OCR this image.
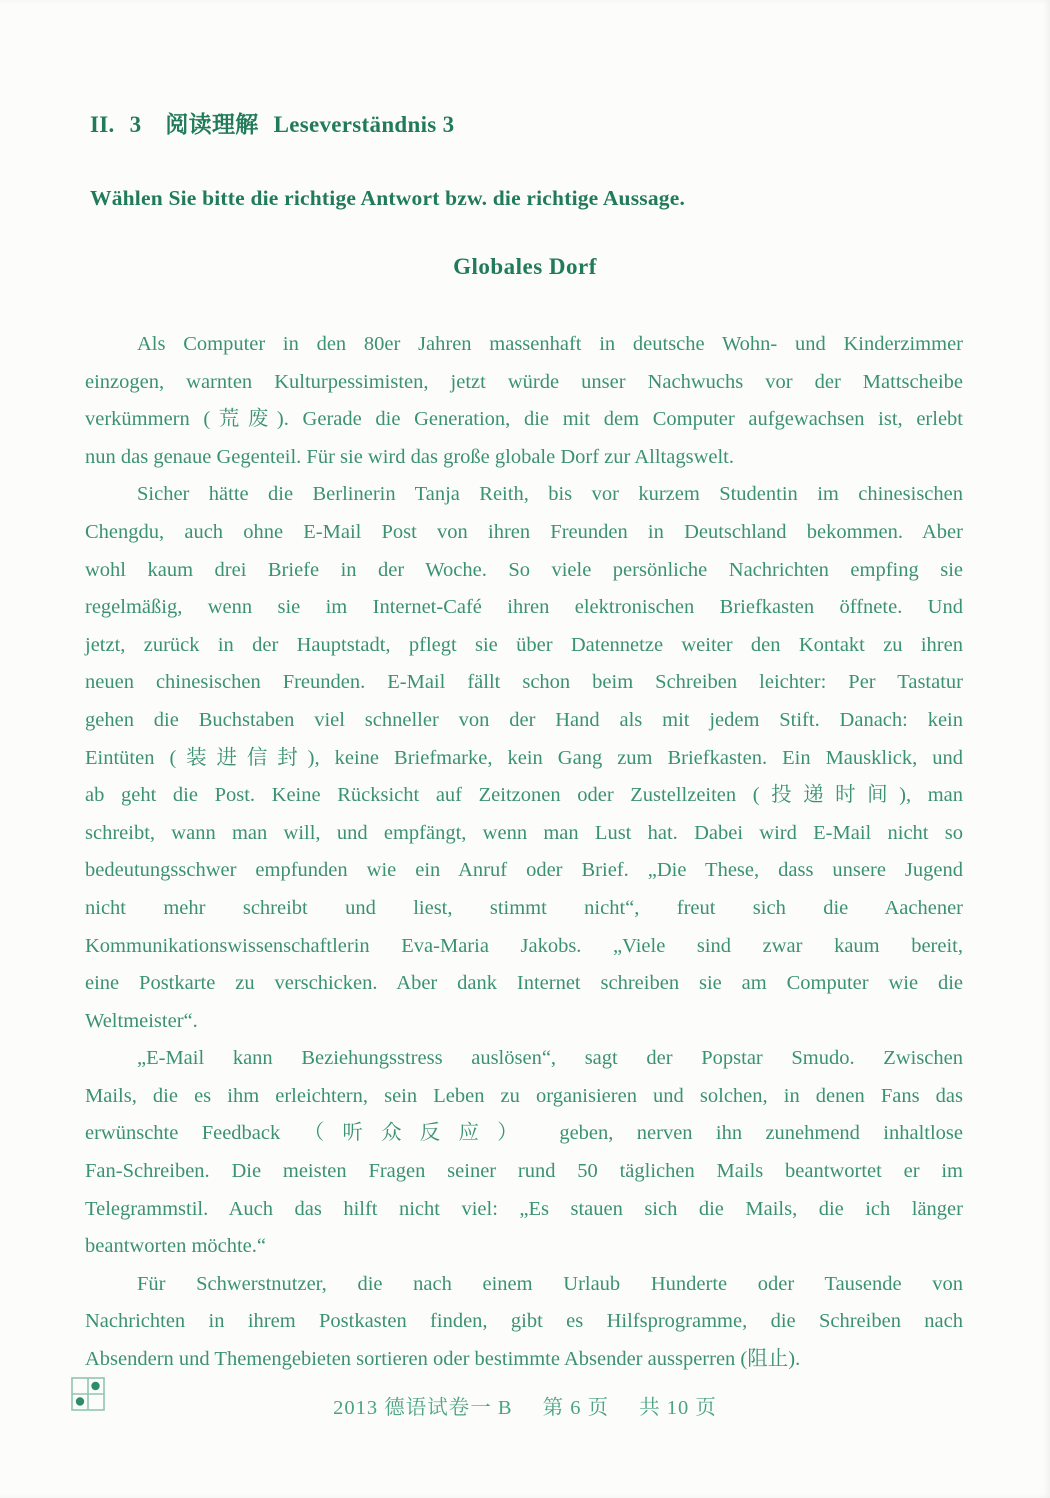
II. 3 阅读理解 Leseverständnis 3
Wählen Sie bitte die richtige Antwort bzw. die richtige Aussage.
Globales Dorf
Als Computer in den 80er Jahren massenhaft in deutsche Wohn- und Kinderzimmer
einzogen, warnten Kulturpessimisten, jetzt würde unser Nachwuchs vor der Mattscheibe
verkümmern (荒废). Gerade die Generation, die mit dem Computer aufgewachsen ist, erlebt
nun das genaue Gegenteil. Für sie wird das große globale Dorf zur Alltagswelt.
Sicher hätte die Berlinerin Tanja Reith, bis vor kurzem Studentin im chinesischen
Chengdu, auch ohne E-Mail Post von ihren Freunden in Deutschland bekommen. Aber
wohl kaum drei Briefe in der Woche. So viele persönliche Nachrichten empfing sie
regelmäßig, wenn sie im Internet-Café ihren elektronischen Briefkasten öffnete. Und
jetzt, zurück in der Hauptstadt, pflegt sie über Datennetze weiter den Kontakt zu ihren
neuen chinesischen Freunden. E-Mail fällt schon beim Schreiben leichter: Per Tastatur
gehen die Buchstaben viel schneller von der Hand als mit jedem Stift. Danach: kein
Eintüten (装进信封), keine Briefmarke, kein Gang zum Briefkasten. Ein Mausklick, und
ab geht die Post. Keine Rücksicht auf Zeitzonen oder Zustellzeiten (投递时间), man
schreibt, wann man will, und empfängt, wenn man Lust hat. Dabei wird E-Mail nicht so
bedeutungsschwer empfunden wie ein Anruf oder Brief. „Die These, dass unsere Jugend
nicht mehr schreibt und liest, stimmt nicht“, freut sich die Aachener
Kommunikationswissenschaftlerin Eva-Maria Jakobs. „Viele sind zwar kaum bereit,
eine Postkarte zu verschicken. Aber dank Internet schreiben sie am Computer wie die
Weltmeister“.
„E-Mail kann Beziehungsstress auslösen“, sagt der Popstar Smudo. Zwischen
Mails, die es ihm erleichtern, sein Leben zu organisieren und solchen, in denen Fans das
erwünschte Feedback （听众反应） geben, nerven ihn zunehmend inhaltlose
Fan-Schreiben. Die meisten Fragen seiner rund 50 täglichen Mails beantwortet er im
Telegrammstil. Auch das hilft nicht viel: „Es stauen sich die Mails, die ich länger
beantworten möchte.“
Für Schwerstnutzer, die nach einem Urlaub Hunderte oder Tausende von
Nachrichten in ihrem Postkasten finden, gibt es Hilfsprogramme, die Schreiben nach
Absendern und Themengebieten sortieren oder bestimmte Absender aussperren (阻止).
2013 德语试卷一 B 第 6 页 共 10 页
